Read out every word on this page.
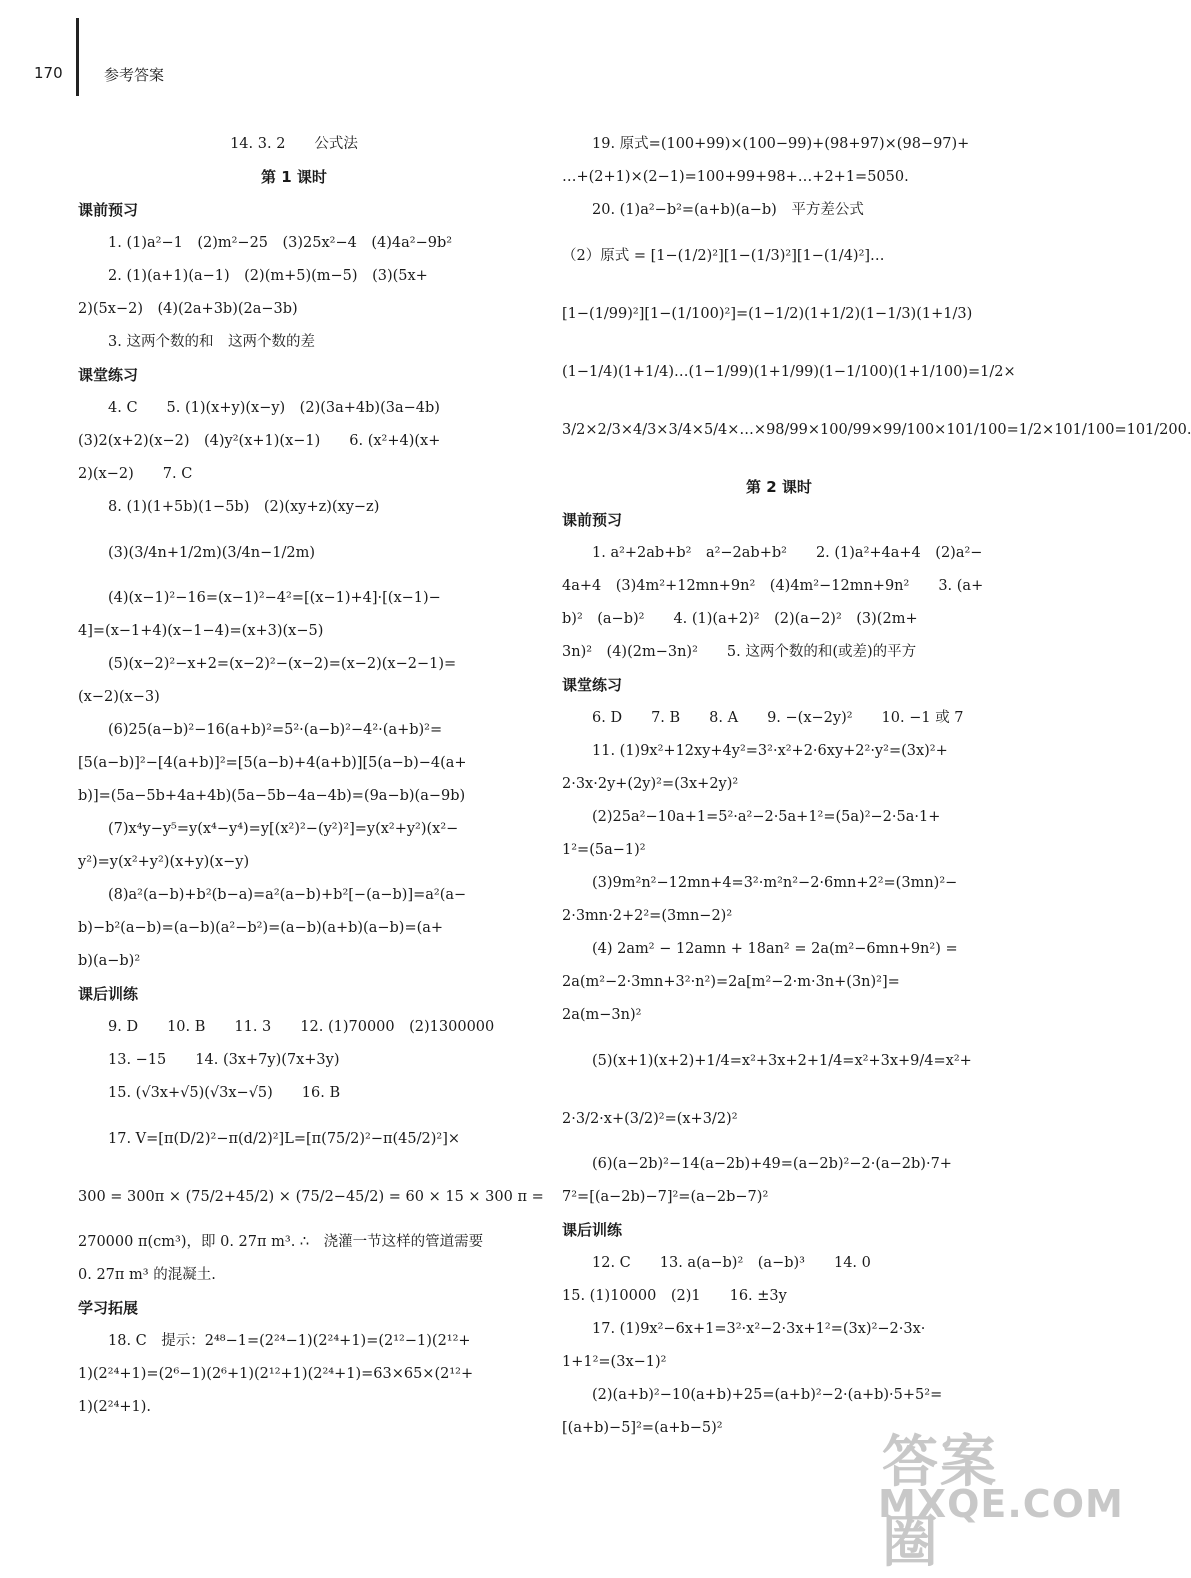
170	参考答案
14. 3. 2　　公式法
第 1 课时
课前预习
1. (1)a²−1　(2)m²−25　(3)25x²−4　(4)4a²−9b²
2. (1)(a+1)(a−1)　(2)(m+5)(m−5)　(3)(5x+
2)(5x−2)　(4)(2a+3b)(2a−3b)
3. 这两个数的和　这两个数的差
课堂练习
4. C　　5. (1)(x+y)(x−y)　(2)(3a+4b)(3a−4b)
(3)2(x+2)(x−2)　(4)y²(x+1)(x−1)　　6. (x²+4)(x+
2)(x−2)　　7. C
8. (1)(1+5b)(1−5b)　(2)(xy+z)(xy−z)
(3)(3/4n+1/2m)(3/4n−1/2m)
(4)(x−1)²−16=(x−1)²−4²=[(x−1)+4]·[(x−1)−
4]=(x−1+4)(x−1−4)=(x+3)(x−5)
(5)(x−2)²−x+2=(x−2)²−(x−2)=(x−2)(x−2−1)=
(x−2)(x−3)
(6)25(a−b)²−16(a+b)²=5²·(a−b)²−4²·(a+b)²=
[5(a−b)]²−[4(a+b)]²=[5(a−b)+4(a+b)][5(a−b)−4(a+
b)]=(5a−5b+4a+4b)(5a−5b−4a−4b)=(9a−b)(a−9b)
(7)x⁴y−y⁵=y(x⁴−y⁴)=y[(x²)²−(y²)²]=y(x²+y²)(x²−
y²)=y(x²+y²)(x+y)(x−y)
(8)a²(a−b)+b²(b−a)=a²(a−b)+b²[−(a−b)]=a²(a−
b)−b²(a−b)=(a−b)(a²−b²)=(a−b)(a+b)(a−b)=(a+
b)(a−b)²
课后训练
9. D　　10. B　　11. 3　　12. (1)70000　(2)1300000
13. −15　　14. (3x+7y)(7x+3y)
15. (√3x+√5)(√3x−√5)　　16. B
17. V=[π(D/2)²−π(d/2)²]L=[π(75/2)²−π(45/2)²]×
300 = 300π × (75/2+45/2) × (75/2−45/2) = 60 × 15 × 300 π =
270000 π(cm³)，即 0. 27π m³. ∴　浇灌一节这样的管道需要
0. 27π m³ 的混凝土.
学习拓展
18. C　提示：2⁴⁸−1=(2²⁴−1)(2²⁴+1)=(2¹²−1)(2¹²+
1)(2²⁴+1)=(2⁶−1)(2⁶+1)(2¹²+1)(2²⁴+1)=63×65×(2¹²+
1)(2²⁴+1).
19. 原式=(100+99)×(100−99)+(98+97)×(98−97)+
…+(2+1)×(2−1)=100+99+98+…+2+1=5050.
20. (1)a²−b²=(a+b)(a−b)　平方差公式
（2）原式 = [1−(1/2)²][1−(1/3)²][1−(1/4)²]…
[1−(1/99)²][1−(1/100)²]=(1−1/2)(1+1/2)(1−1/3)(1+1/3)
(1−1/4)(1+1/4)…(1−1/99)(1+1/99)(1−1/100)(1+1/100)=1/2×
3/2×2/3×4/3×3/4×5/4×…×98/99×100/99×99/100×101/100=1/2×101/100=101/200.
第 2 课时
课前预习
1. a²+2ab+b²　a²−2ab+b²　　2. (1)a²+4a+4　(2)a²−
4a+4　(3)4m²+12mn+9n²　(4)4m²−12mn+9n²　　3. (a+
b)²　(a−b)²　　4. (1)(a+2)²　(2)(a−2)²　(3)(2m+
3n)²　(4)(2m−3n)²　　5. 这两个数的和(或差)的平方
课堂练习
6. D　　7. B　　8. A　　9. −(x−2y)²　　10. −1 或 7
11. (1)9x²+12xy+4y²=3²·x²+2·6xy+2²·y²=(3x)²+
2·3x·2y+(2y)²=(3x+2y)²
(2)25a²−10a+1=5²·a²−2·5a+1²=(5a)²−2·5a·1+
1²=(5a−1)²
(3)9m²n²−12mn+4=3²·m²n²−2·6mn+2²=(3mn)²−
2·3mn·2+2²=(3mn−2)²
(4) 2am² − 12amn + 18an² = 2a(m²−6mn+9n²) =
2a(m²−2·3mn+3²·n²)=2a[m²−2·m·3n+(3n)²]=
2a(m−3n)²
(5)(x+1)(x+2)+1/4=x²+3x+2+1/4=x²+3x+9/4=x²+
2·3/2·x+(3/2)²=(x+3/2)²
(6)(a−2b)²−14(a−2b)+49=(a−2b)²−2·(a−2b)·7+
7²=[(a−2b)−7]²=(a−2b−7)²
课后训练
12. C　　13. a(a−b)²　(a−b)³　　14. 0
15. (1)10000　(2)1　　16. ±3y
17. (1)9x²−6x+1=3²·x²−2·3x+1²=(3x)²−2·3x·
1+1²=(3x−1)²
(2)(a+b)²−10(a+b)+25=(a+b)²−2·(a+b)·5+5²=
[(a+b)−5]²=(a+b−5)²
答案圈
MXQE.COM
